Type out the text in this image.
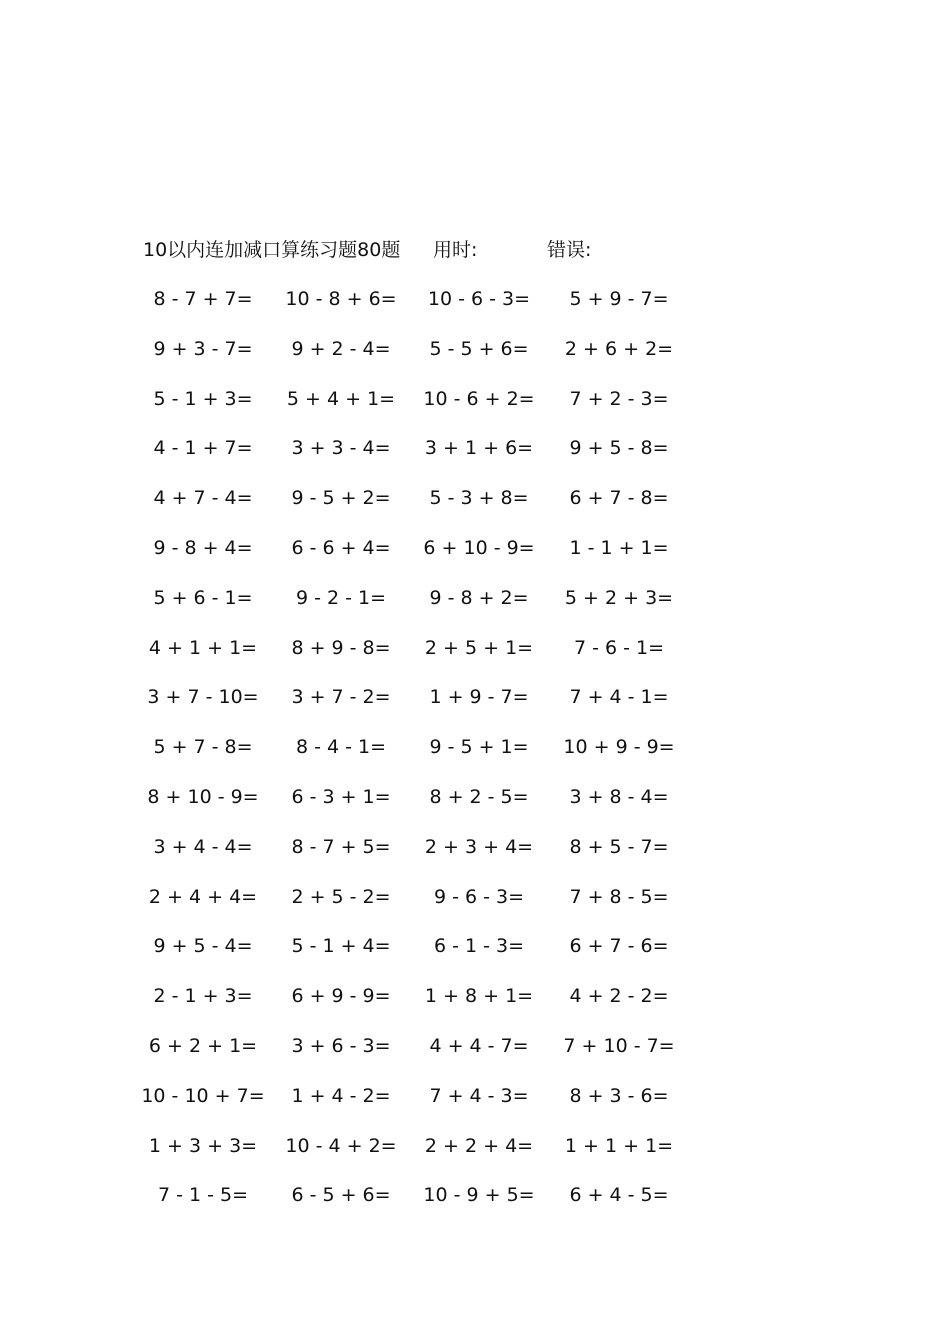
10以内连加减口算练习题80题 用时:	错误:
8 - 7 + 7=	10 - 8 + 6=	10 - 6 - 3=	5 + 9 - 7=
9 + 3 - 7=	9 + 2 - 4=	5 - 5 + 6=	2 + 6 + 2=
5 - 1 + 3=	5 + 4 + 1=	10 - 6 + 2=	7 + 2 - 3=
4 - 1 + 7=	3 + 3 - 4=	3 + 1 + 6=	9 + 5 - 8=
4 + 7 - 4=	9 - 5 + 2=	5 - 3 + 8=	6 + 7 - 8=
9 - 8 + 4=	6 - 6 + 4=	6 + 10 - 9=	1 - 1 + 1=
5 + 6 - 1=	9 - 2 - 1=	9 - 8 + 2=	5 + 2 + 3=
4 + 1 + 1=	8 + 9 - 8=	2 + 5 + 1=	7 - 6 - 1=
3 + 7 - 10=	3 + 7 - 2=	1 + 9 - 7=	7 + 4 - 1=
5 + 7 - 8=	8 - 4 - 1=	9 - 5 + 1=	10 + 9 - 9=
8 + 10 - 9=	6 - 3 + 1=	8 + 2 - 5=	3 + 8 - 4=
3 + 4 - 4=	8 - 7 + 5=	2 + 3 + 4=	8 + 5 - 7=
2 + 4 + 4=	2 + 5 - 2=	9 - 6 - 3=	7 + 8 - 5=
9 + 5 - 4=	5 - 1 + 4=	6 - 1 - 3=	6 + 7 - 6=
2 - 1 + 3=	6 + 9 - 9=	1 + 8 + 1=	4 + 2 - 2=
6 + 2 + 1=	3 + 6 - 3=	4 + 4 - 7=	7 + 10 - 7=
10 - 10 + 7=	1 + 4 - 2=	7 + 4 - 3=	8 + 3 - 6=
1 + 3 + 3=	10 - 4 + 2=	2 + 2 + 4=	1 + 1 + 1=
7 - 1 - 5=	6 - 5 + 6=	10 - 9 + 5=	6 + 4 - 5=
